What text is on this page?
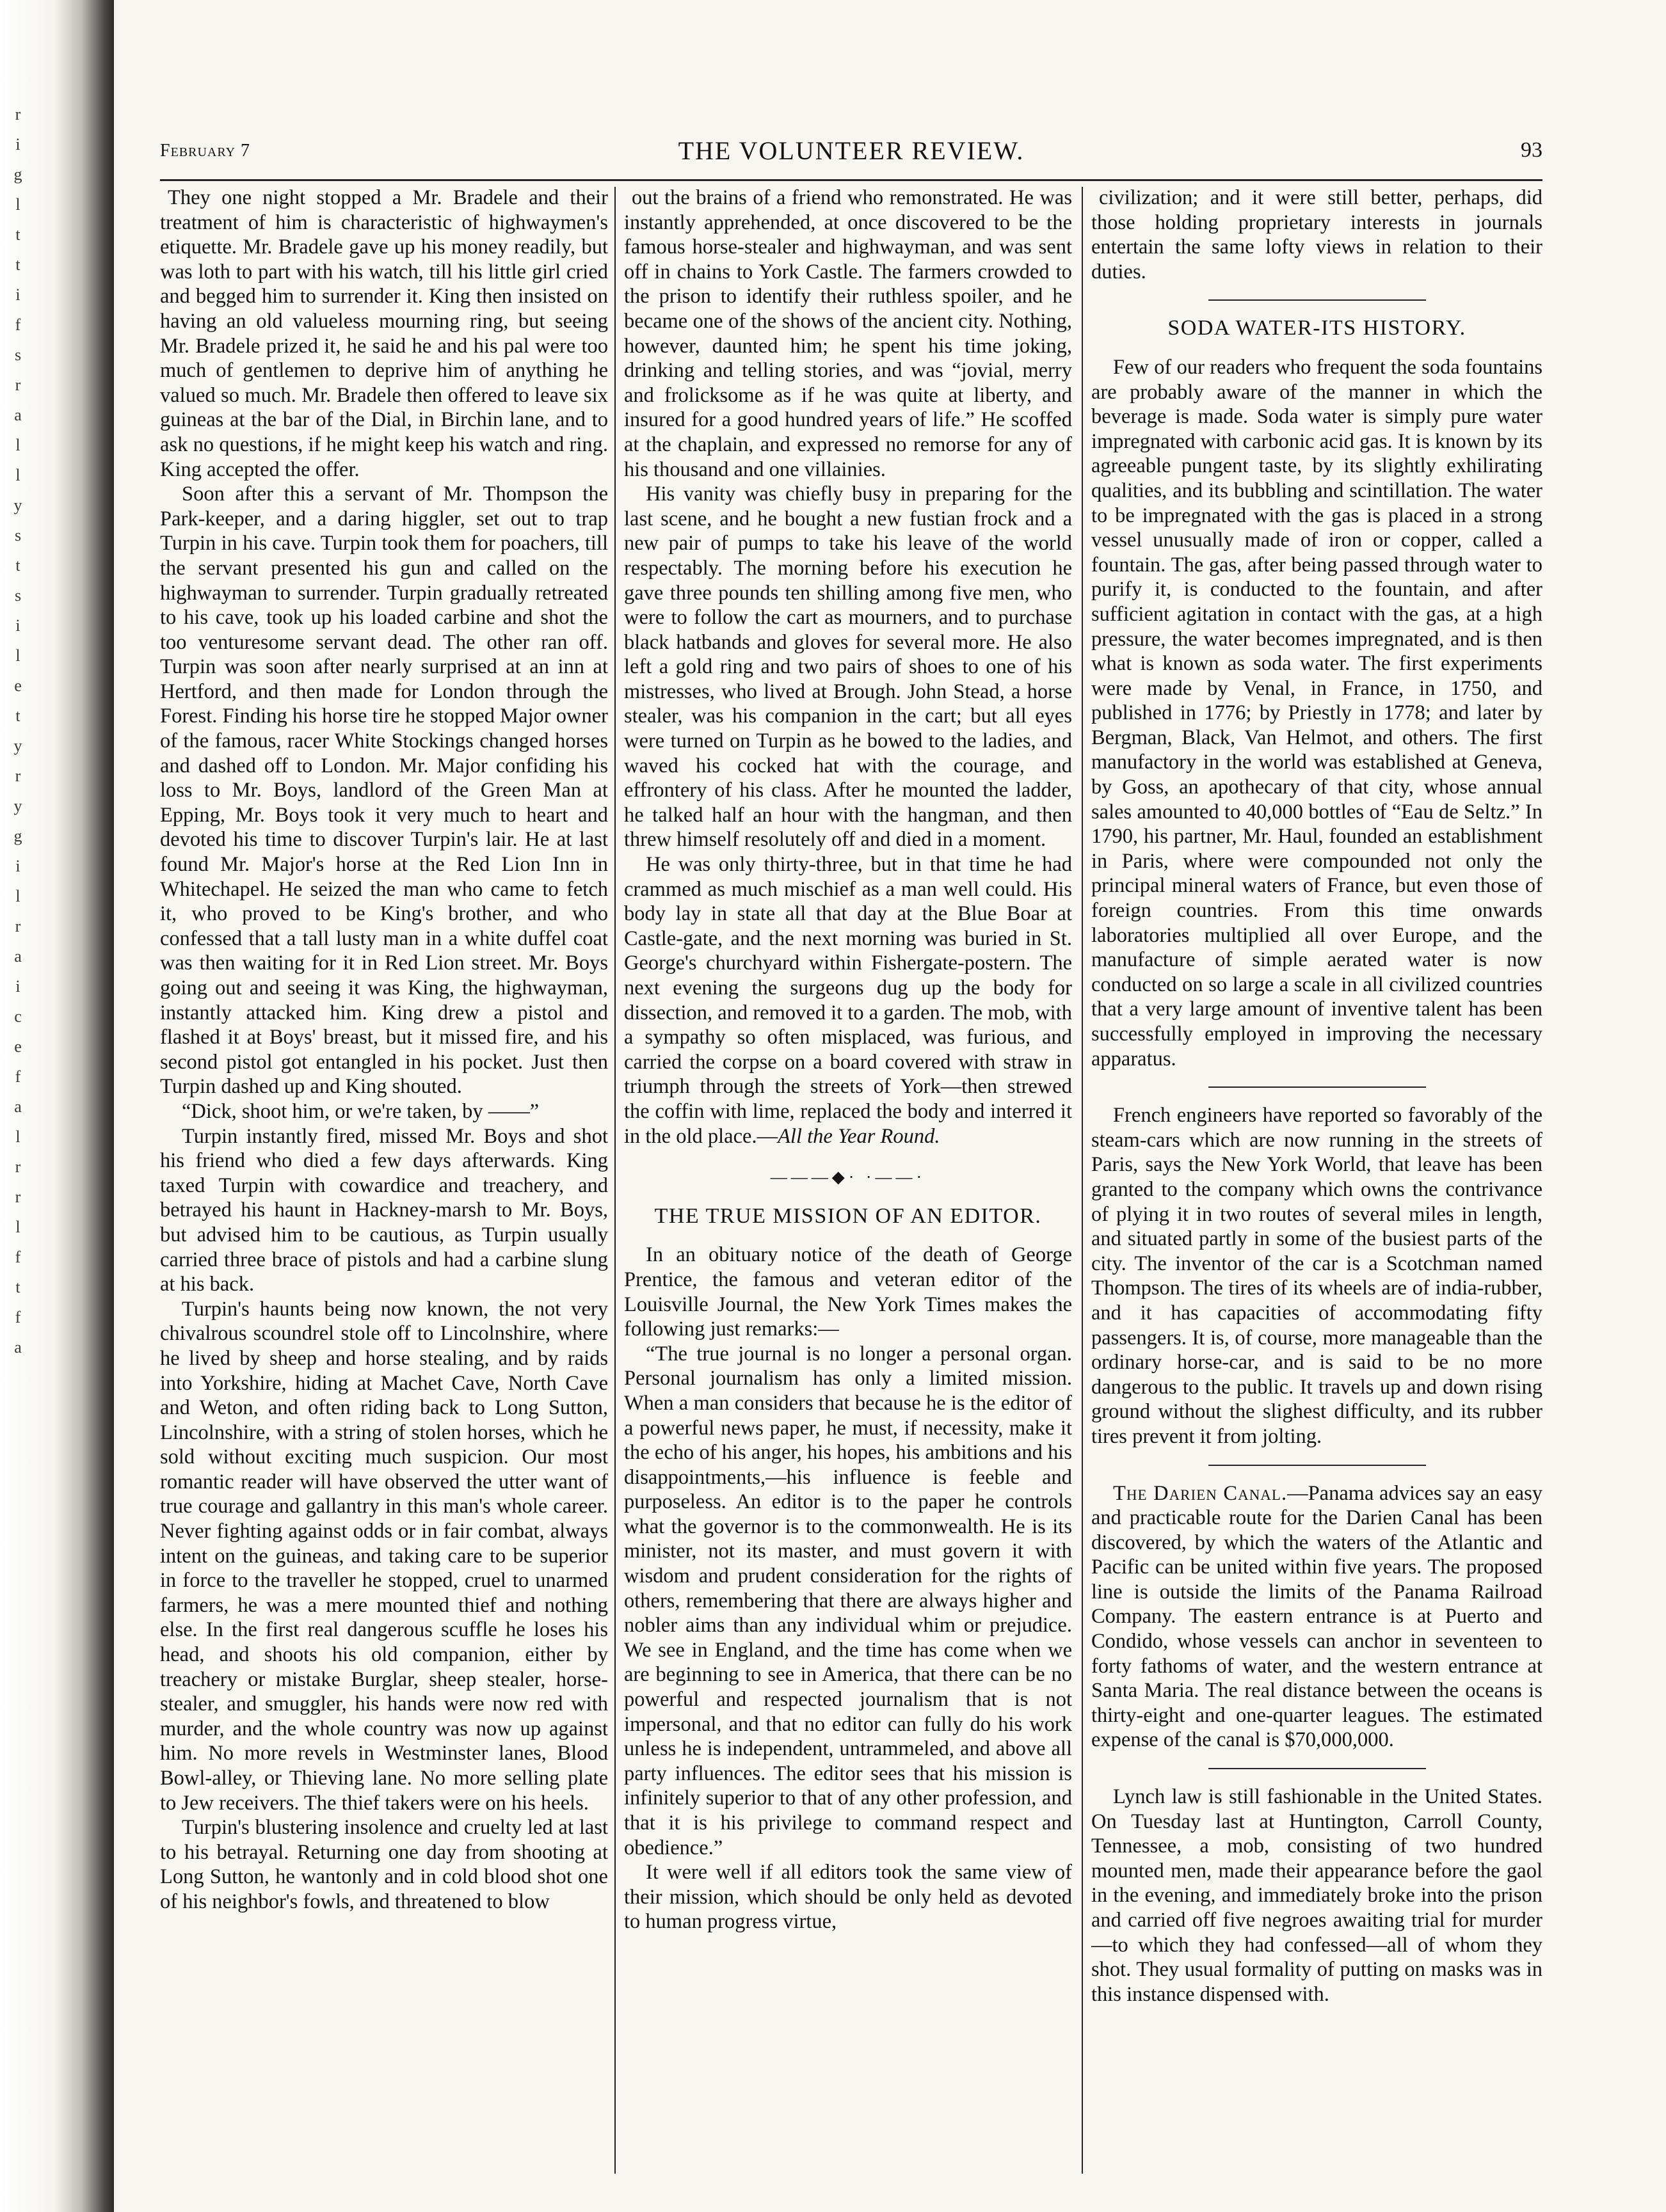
r
i
g
l
t
t
i
f
s
r
a
l
l
y
s
t
s
i
l
e
t
y
r
y
g
i
l
r
a
i
c
e
f
a
l
r
r
l
f
t
f
a
February 7	THE VOLUNTEER REVIEW.	93

They one night stopped a Mr. Bradele and their treatment of him is characteristic of highwaymen's etiquette. Mr. Bradele gave up his money readily, but was loth to part with his watch, till his little girl cried and begged him to surrender it. King then insisted on having an old valueless mourning ring, but seeing Mr. Bradele prized it, he said he and his pal were too much of gentlemen to deprive him of anything he valued so much. Mr. Bradele then offered to leave six guineas at the bar of the Dial, in Birchin lane, and to ask no questions, if he might keep his watch and ring. King accepted the offer.

Soon after this a servant of Mr. Thompson the Park-keeper, and a daring higgler, set out to trap Turpin in his cave. Turpin took them for poachers, till the servant presented his gun and called on the highwayman to surrender. Turpin gradually retreated to his cave, took up his loaded carbine and shot the too venturesome servant dead. The other ran off. Turpin was soon after nearly surprised at an inn at Hertford, and then made for London through the Forest. Finding his horse tire he stopped Major owner of the famous, racer White Stockings changed horses and dashed off to London. Mr. Major confiding his loss to Mr. Boys, landlord of the Green Man at Epping, Mr. Boys took it very much to heart and devoted his time to discover Turpin's lair. He at last found Mr. Major's horse at the Red Lion Inn in Whitechapel. He seized the man who came to fetch it, who proved to be King's brother, and who confessed that a tall lusty man in a white duffel coat was then waiting for it in Red Lion street. Mr. Boys going out and seeing it was King, the highwayman, instantly attacked him. King drew a pistol and flashed it at Boys' breast, but it missed fire, and his second pistol got entangled in his pocket. Just then Turpin dashed up and King shouted.

“Dick, shoot him, or we're taken, by ——”

Turpin instantly fired, missed Mr. Boys and shot his friend who died a few days afterwards. King taxed Turpin with cowardice and treachery, and betrayed his haunt in Hackney-marsh to Mr. Boys, but advised him to be cautious, as Turpin usually carried three brace of pistols and had a carbine slung at his back.

Turpin's haunts being now known, the not very chivalrous scoundrel stole off to Lincolnshire, where he lived by sheep and horse stealing, and by raids into Yorkshire, hiding at Machet Cave, North Cave and Weton, and often riding back to Long Sutton, Lincolnshire, with a string of stolen horses, which he sold without exciting much suspicion. Our most romantic reader will have observed the utter want of true courage and gallantry in this man's whole career. Never fighting against odds or in fair combat, always intent on the guineas, and taking care to be superior in force to the traveller he stopped, cruel to unarmed farmers, he was a mere mounted thief and nothing else. In the first real dangerous scuffle he loses his head, and shoots his old companion, either by treachery or mistake Burglar, sheep stealer, horse-stealer, and smuggler, his hands were now red with murder, and the whole country was now up against him. No more revels in Westminster lanes, Blood Bowl-alley, or Thieving lane. No more selling plate to Jew receivers. The thief takers were on his heels.

Turpin's blustering insolence and cruelty led at last to his betrayal. Returning one day from shooting at Long Sutton, he wantonly and in cold blood shot one of his neighbor's fowls, and threatened to blow

out the brains of a friend who remonstrated. He was instantly apprehended, at once discovered to be the famous horse-stealer and highwayman, and was sent off in chains to York Castle. The farmers crowded to the prison to identify their ruthless spoiler, and he became one of the shows of the ancient city. Nothing, however, daunted him; he spent his time joking, drinking and telling stories, and was “jovial, merry and frolicksome as if he was quite at liberty, and insured for a good hundred years of life.” He scoffed at the chaplain, and expressed no remorse for any of his thousand and one villainies.

His vanity was chiefly busy in preparing for the last scene, and he bought a new fustian frock and a new pair of pumps to take his leave of the world respectably. The morning before his execution he gave three pounds ten shilling among five men, who were to follow the cart as mourners, and to purchase black hatbands and gloves for several more. He also left a gold ring and two pairs of shoes to one of his mistresses, who lived at Brough. John Stead, a horse stealer, was his companion in the cart; but all eyes were turned on Turpin as he bowed to the ladies, and waved his cocked hat with the courage, and effrontery of his class. After he mounted the ladder, he talked half an hour with the hangman, and then threw himself resolutely off and died in a moment.

He was only thirty-three, but in that time he had crammed as much mischief as a man well could. His body lay in state all that day at the Blue Boar at Castle-gate, and the next morning was buried in St. George's churchyard within Fishergate-postern. The next evening the surgeons dug up the body for dissection, and removed it to a garden. The mob, with a sympathy so often misplaced, was furious, and carried the corpse on a board covered with straw in triumph through the streets of York—then strewed the coffin with lime, replaced the body and interred it in the old place.—All the Year Round.

———◆· ·——·
THE TRUE MISSION OF AN EDITOR.

In an obituary notice of the death of George Prentice, the famous and veteran editor of the Louisville Journal, the New York Times makes the following just remarks:—

“The true journal is no longer a personal organ. Personal journalism has only a limited mission. When a man considers that because he is the editor of a powerful news paper, he must, if necessity, make it the echo of his anger, his hopes, his ambitions and his disappointments,—his influence is feeble and purposeless. An editor is to the paper he controls what the governor is to the commonwealth. He is its minister, not its master, and must govern it with wisdom and prudent consideration for the rights of others, remembering that there are always higher and nobler aims than any individual whim or prejudice. We see in England, and the time has come when we are beginning to see in America, that there can be no powerful and respected journalism that is not impersonal, and that no editor can fully do his work unless he is independent, untrammeled, and above all party influences. The editor sees that his mission is infinitely superior to that of any other profession, and that it is his privilege to command respect and obedience.”

It were well if all editors took the same view of their mission, which should be only held as devoted to human progress virtue,

civilization; and it were still better, perhaps, did those holding proprietary interests in journals entertain the same lofty views in relation to their duties.

SODA WATER-ITS HISTORY.

Few of our readers who frequent the soda fountains are probably aware of the manner in which the beverage is made. Soda water is simply pure water impregnated with carbonic acid gas. It is known by its agreeable pungent taste, by its slightly exhilirating qualities, and its bubbling and scintillation. The water to be impregnated with the gas is placed in a strong vessel unusually made of iron or copper, called a fountain. The gas, after being passed through water to purify it, is conducted to the fountain, and after sufficient agitation in contact with the gas, at a high pressure, the water becomes impregnated, and is then what is known as soda water. The first experiments were made by Venal, in France, in 1750, and published in 1776; by Priestly in 1778; and later by Bergman, Black, Van Helmot, and others. The first manufactory in the world was established at Geneva, by Goss, an apothecary of that city, whose annual sales amounted to 40,000 bottles of “Eau de Seltz.” In 1790, his partner, Mr. Haul, founded an establishment in Paris, where were compounded not only the principal mineral waters of France, but even those of foreign countries. From this time onwards laboratories multiplied all over Europe, and the manufacture of simple aerated water is now conducted on so large a scale in all civilized countries that a very large amount of inventive talent has been successfully employed in improving the necessary apparatus.

French engineers have reported so favorably of the steam-cars which are now running in the streets of Paris, says the New York World, that leave has been granted to the company which owns the contrivance of plying it in two routes of several miles in length, and situated partly in some of the busiest parts of the city. The inventor of the car is a Scotchman named Thompson. The tires of its wheels are of india-rubber, and it has capacities of accommodating fifty passengers. It is, of course, more manageable than the ordinary horse-car, and is said to be no more dangerous to the public. It travels up and down rising ground without the slighest difficulty, and its rubber tires prevent it from jolting.

The Darien Canal.—Panama advices say an easy and practicable route for the Darien Canal has been discovered, by which the waters of the Atlantic and Pacific can be united within five years. The proposed line is outside the limits of the Panama Railroad Company. The eastern entrance is at Puerto and Condido, whose vessels can anchor in seventeen to forty fathoms of water, and the western entrance at Santa Maria. The real distance between the oceans is thirty-eight and one-quarter leagues. The estimated expense of the canal is $70,000,000.

Lynch law is still fashionable in the United States. On Tuesday last at Huntington, Carroll County, Tennessee, a mob, consisting of two hundred mounted men, made their appearance before the gaol in the evening, and immediately broke into the prison and carried off five negroes awaiting trial for murder—to which they had confessed—all of whom they shot. They usual formality of putting on masks was in this instance dispensed with.
